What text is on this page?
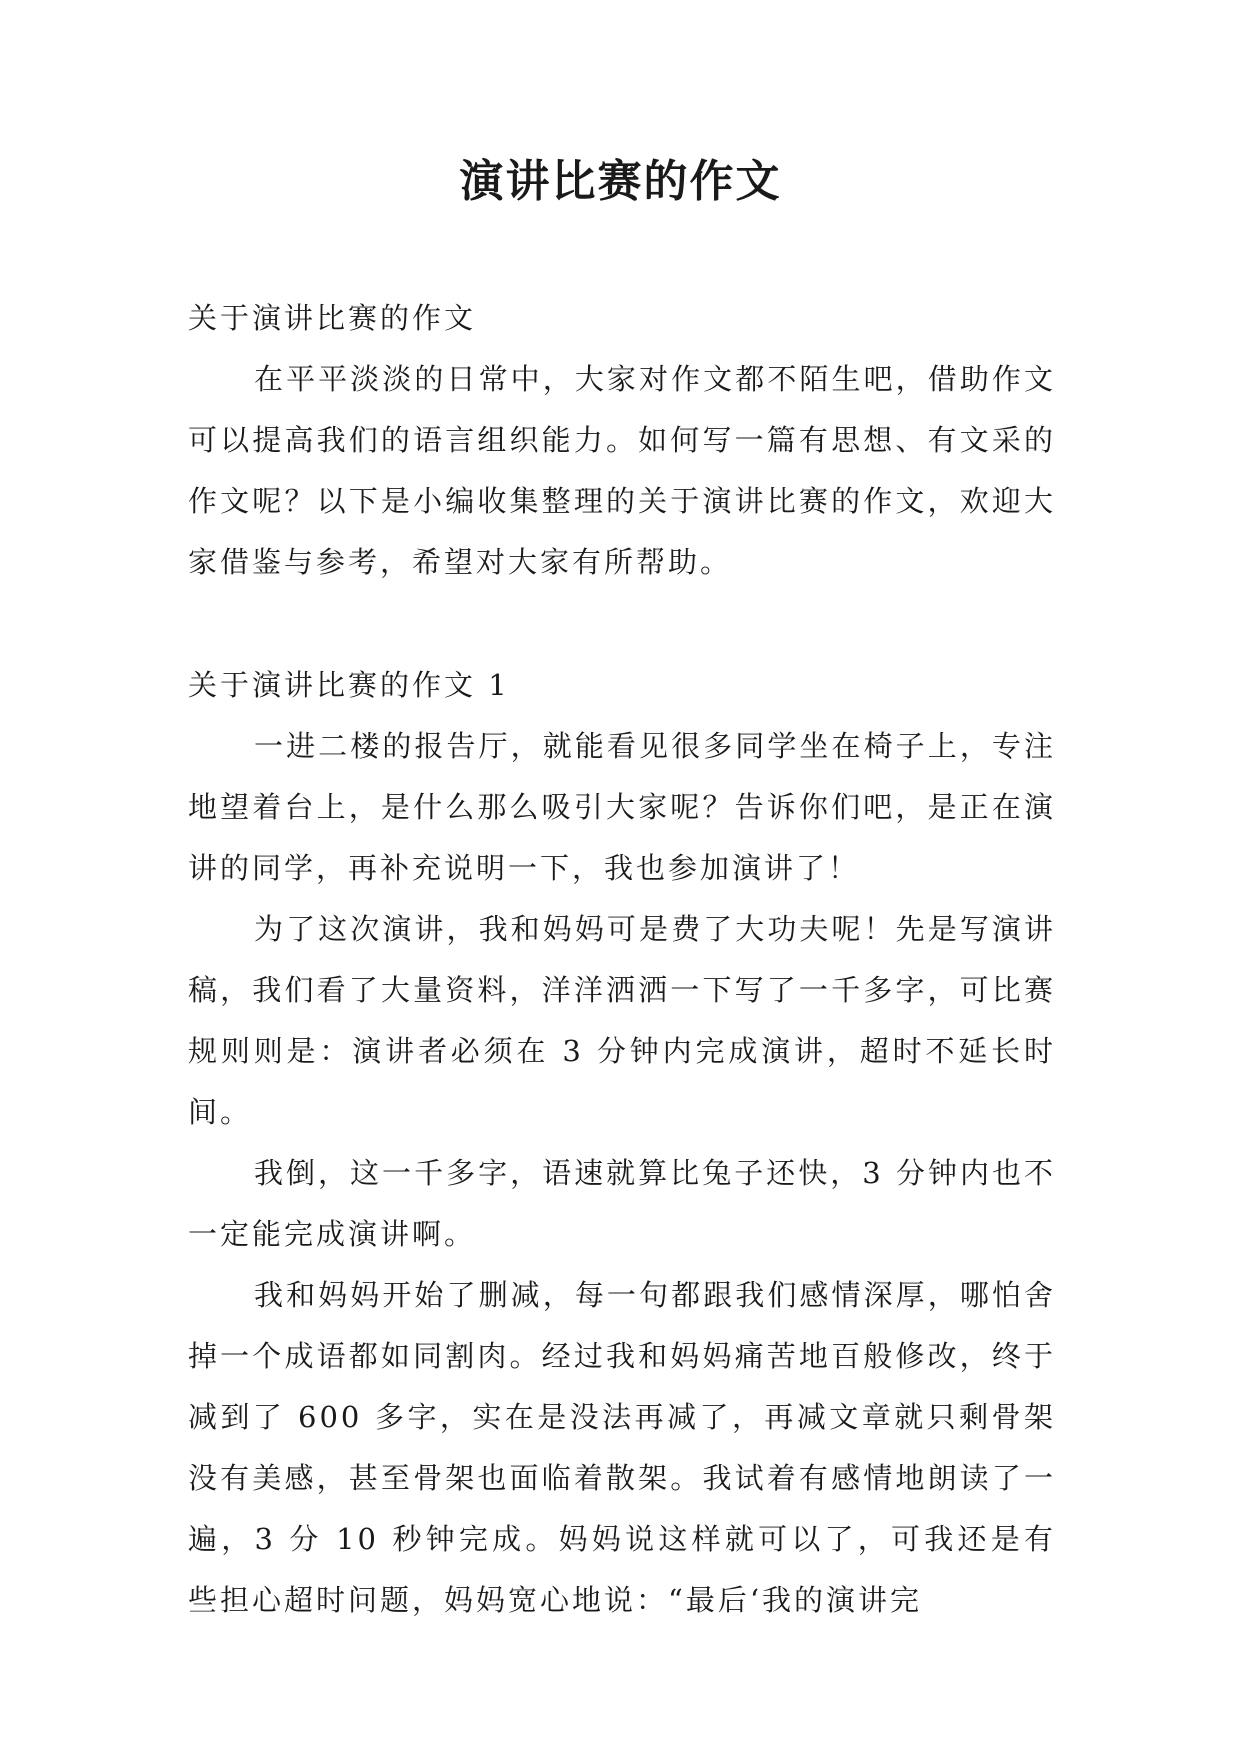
演讲比赛的作文

关于演讲比赛的作文

在平平淡淡的日常中，大家对作文都不陌生吧，借助作文可以提高我们的语言组织能力。如何写一篇有思想、有文采的作文呢？以下是小编收集整理的关于演讲比赛的作文，欢迎大家借鉴与参考，希望对大家有所帮助。

关于演讲比赛的作文 1

一进二楼的报告厅，就能看见很多同学坐在椅子上，专注地望着台上，是什么那么吸引大家呢？告诉你们吧，是正在演讲的同学，再补充说明一下，我也参加演讲了！

为了这次演讲，我和妈妈可是费了大功夫呢！先是写演讲稿，我们看了大量资料，洋洋洒洒一下写了一千多字，可比赛规则则是：演讲者必须在 3 分钟内完成演讲，超时不延长时间。

我倒，这一千多字，语速就算比兔子还快，3 分钟内也不一定能完成演讲啊。

我和妈妈开始了删减，每一句都跟我们感情深厚，哪怕舍掉一个成语都如同割肉。经过我和妈妈痛苦地百般修改，终于减到了 600 多字，实在是没法再减了，再减文章就只剩骨架没有美感，甚至骨架也面临着散架。我试着有感情地朗读了一遍，3 分 10 秒钟完成。妈妈说这样就可以了，可我还是有些担心超时问题，妈妈宽心地说：“最后‘我的演讲完
